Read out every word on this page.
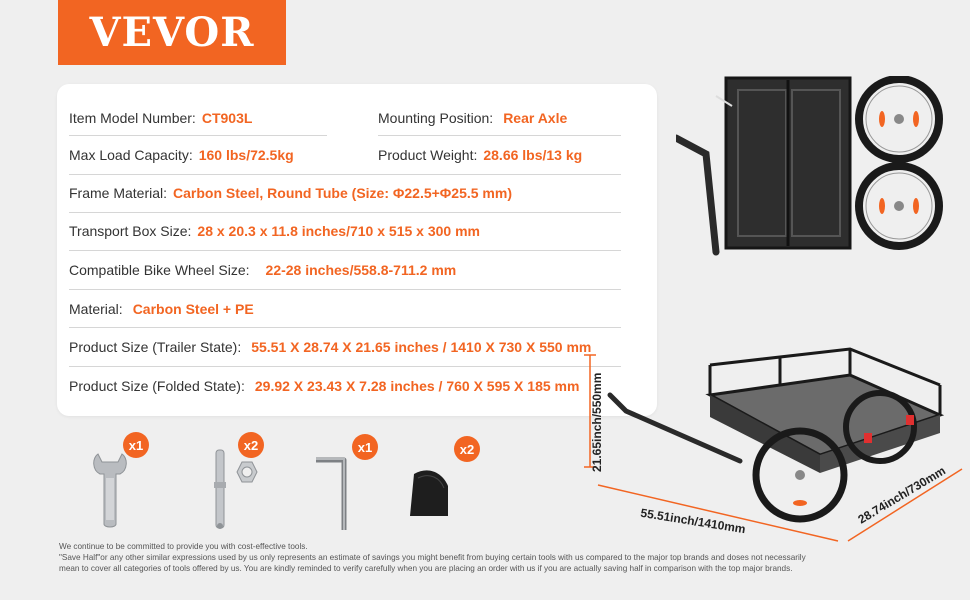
VEVOR
Item Model Number: CT903L	Mounting Position: Rear Axle
Max Load Capacity: 160 lbs/72.5kg	Product Weight: 28.66 lbs/13 kg
Frame Material: Carbon Steel, Round Tube (Size: Φ22.5+Φ25.5 mm)
Transport Box Size: 28 x 20.3 x 11.8 inches/710 x 515 x 300 mm
Compatible Bike Wheel Size: 22-28 inches/558.8-711.2 mm
Material: Carbon Steel + PE
Product Size (Trailer State): 55.51 X 28.74 X 21.65 inches / 1410 X 730 X 550 mm
Product Size (Folded State): 29.92 X 23.43 X 7.28 inches / 760 X 595 X 185 mm
x1	x2	x1	x2	21.65inch/550mm
55.51inch/1410mm	28.74inch/730mm

We continue to be committed to provide you with cost-effective tools.

"Save Half"or any other similar expressions used by us only represents an estimate of savings you might benefit from buying certain tools with us compared to the major top brands and doses not necessarily

mean to cover all categories of tools offered by us. You are kindly reminded to verify carefully when you are placing an order with us if you are actually saving half in comparison with the top major brands.
